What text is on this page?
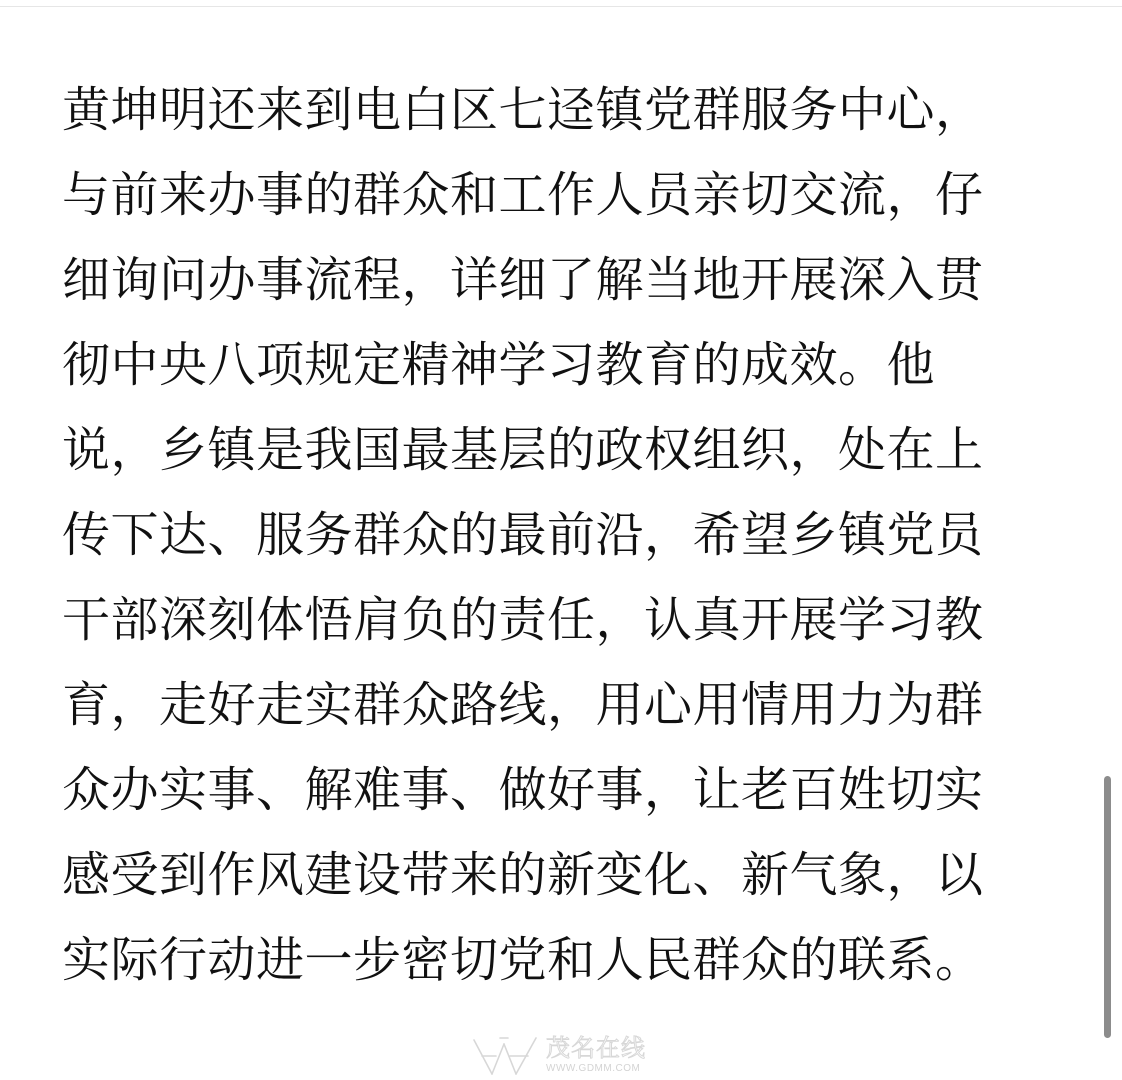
黄坤明还来到电白区七迳镇党群服务中心，
与前来办事的群众和工作人员亲切交流，仔
细询问办事流程，详细了解当地开展深入贯
彻中央八项规定精神学习教育的成效。他
说，乡镇是我国最基层的政权组织，处在上
传下达、服务群众的最前沿，希望乡镇党员
干部深刻体悟肩负的责任，认真开展学习教
育，走好走实群众路线，用心用情用力为群
众办实事、解难事、做好事，让老百姓切实
感受到作风建设带来的新变化、新气象，以
实际行动进一步密切党和人民群众的联系。
茂名在线
WWW.GDMM.COM
